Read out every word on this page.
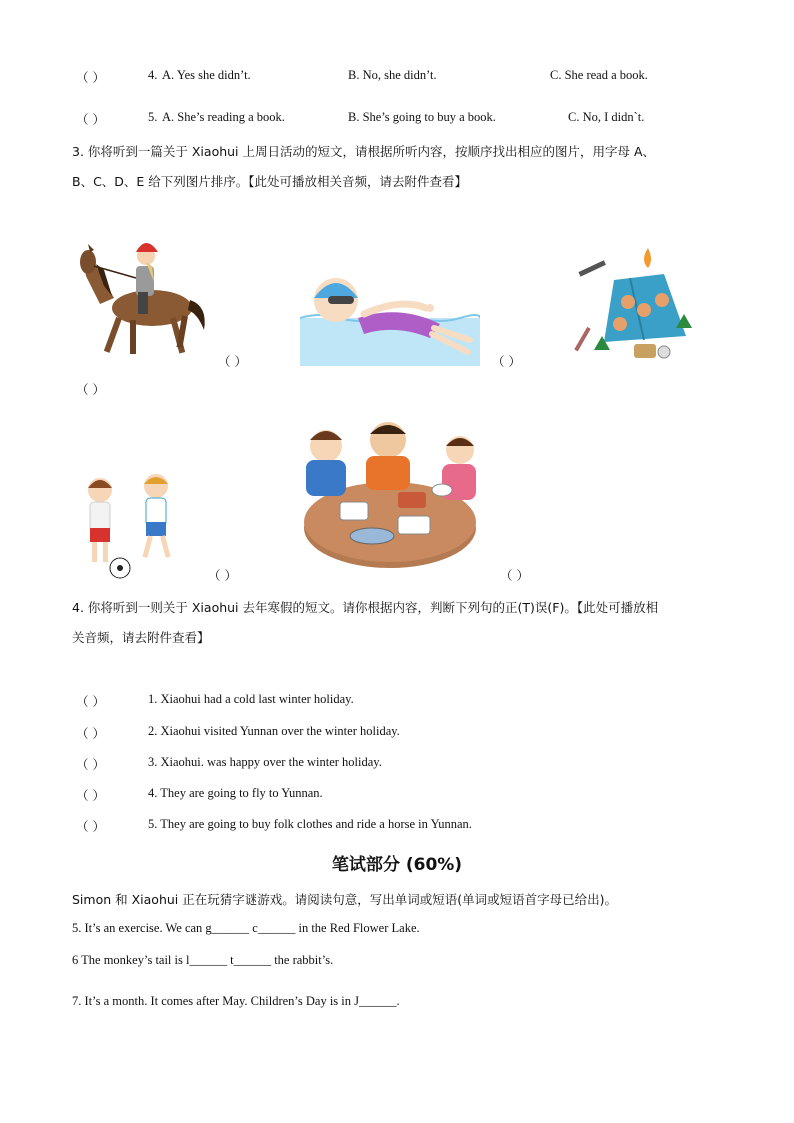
（ ）	4. A. Yes she didn’t.	B. No, she didn’t.	C. She read a book.
（ ）	5. A. She’s reading a book.	B. She’s going to buy a book.	C. No, I didn`t.
3. 你将听到一篇关于 Xiaohui 上周日活动的短文，请根据所听内容，按顺序找出相应的图片，用字母 A、
B、C、D、E 给下列图片排序。【此处可播放相关音频，请去附件查看】
（ ）	（ ）
（ ）
（ ）	（ ）
4. 你将听到一则关于 Xiaohui 去年寒假的短文。请你根据内容，判断下列句的正(T)误(F)。【此处可播放相
关音频，请去附件查看】
（ ）	1. Xiaohui had a cold last winter holiday.
（ ）	2. Xiaohui visited Yunnan over the winter holiday.
（ ）	3. Xiaohui. was happy over the winter holiday.
（ ）	4. They are going to fly to Yunnan.
（ ）	5. They are going to buy folk clothes and ride a horse in Yunnan.
笔试部分 (60%)
Simon 和 Xiaohui 正在玩猜字谜游戏。请阅读句意，写出单词或短语(单词或短语首字母已给出)。
5. It’s an exercise. We can g______ c______ in the Red Flower Lake.
6 The monkey’s tail is l______ t______ the rabbit’s.
7. It’s a month. It comes after May. Children’s Day is in J______.
